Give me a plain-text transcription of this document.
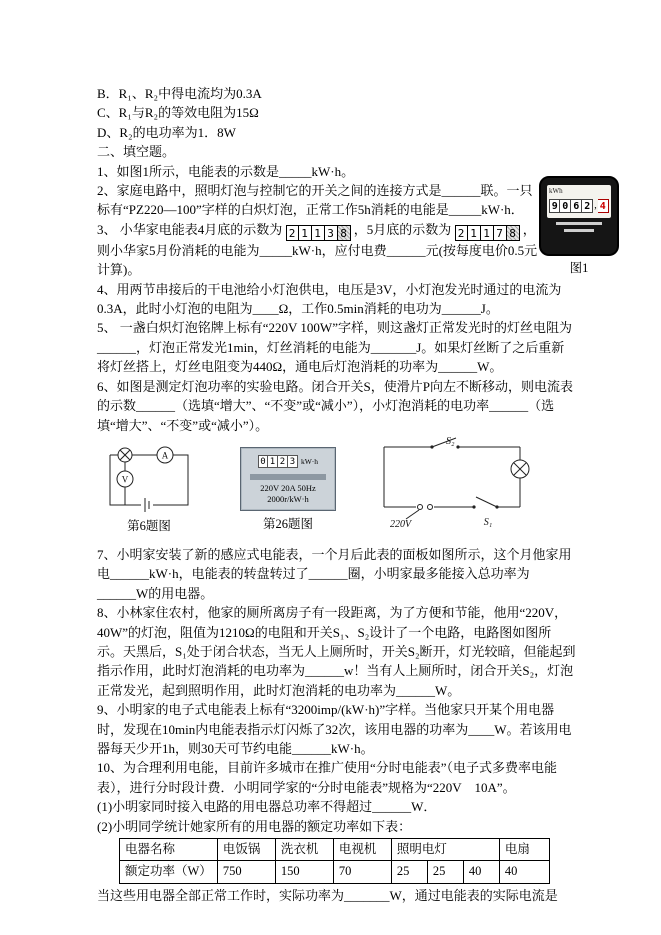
kWh
9 0 6 2 , 4
图1

B．R₁、R₂中得电流均为0.3A

C、R₁与R₂的等效电阻为15Ω

D、R₂的电功率为1．8W

二、填空题。

1、如图1所示，电能表的示数是_____kW·h。

2、家庭电路中，照明灯泡与控制它的开关之间的连接方式是______联。一只标有“PZ220—100”字样的白炽灯泡，正常工作5h消耗的电能是_____kW·h．

3、 小华家电能表4月底的示数为 2 1 1 3 8 ，5月底的示数为 2 1 1 7 8 ，则小华家5月份消耗的电能为_____kW·h，应付电费______元(按每度电价0.5元计算)。

4、用两节串接后的干电池给小灯泡供电，电压是3V，小灯泡发光时通过的电流为0.3A，此时小灯泡的电阻为____Ω，工作0.5min消耗的电功为______J。

5、 一盏白炽灯泡铭牌上标有“220V 100W”字样，则这盏灯正常发光时的灯丝电阻为______，灯泡正常发光1min，灯丝消耗的电能为_______J。如果灯丝断了之后重新将灯丝搭上，灯丝电阻变为440Ω，通电后灯泡消耗的功率为______W。

6、如图是测定灯泡功率的实验电路。闭合开关S，使滑片P向左不断移动，则电流表的示数______（选填“增大”、“不变”或“减小”），小灯泡消耗的电功率______（选填“增大”、“不变”或“减小”）。

A
V
第6题图
0 1 2 3 kW·h
220V 20A 50Hz
2000r/kW·h
第26题图
S₂
S₁
220V

7、小明家安装了新的感应式电能表，一个月后此表的面板如图所示，这个月他家用电______kW·h，电能表的转盘转过了______圈，小明家最多能接入总功率为______W的用电器。

8、小林家住农村，他家的厕所离房子有一段距离，为了方便和节能，他用“220V，40W”的灯泡，阻值为1210Ω的电阻和开关S₁、S₂设计了一个电路，电路图如图所示。天黑后，S₁处于闭合状态，当无人上厕所时，开关S₂断开，灯光较暗，但能起到指示作用，此时灯泡消耗的电功率为______w！当有人上厕所时，闭合开关S₂，灯泡正常发光，起到照明作用，此时灯泡消耗的电功率为______W。

9、小明家的电子式电能表上标有“3200imp/(kW·h)”字样。当他家只开某个用电器时，发现在10min内电能表指示灯闪烁了32次，该用电器的功率为____W。若该用电器每天少开1h，则30天可节约电能______kW·h。

10、为合理利用电能，目前许多城市在推广使用“分时电能表”（电子式多费率电能表），进行分时段计费．小明同学家的“分时电能表”规格为“220V　10A”。

(1)小明家同时接入电路的用电器总功率不得超过______W．

(2)小明同学统计她家所有的用电器的额定功率如下表：

电器名称	电饭锅	洗衣机	电视机	照明电灯			电扇
额定功率（W）	750	150	70	25	25	40	40

当这些用电器全部正常工作时，实际功率为_______W，通过电能表的实际电流是
